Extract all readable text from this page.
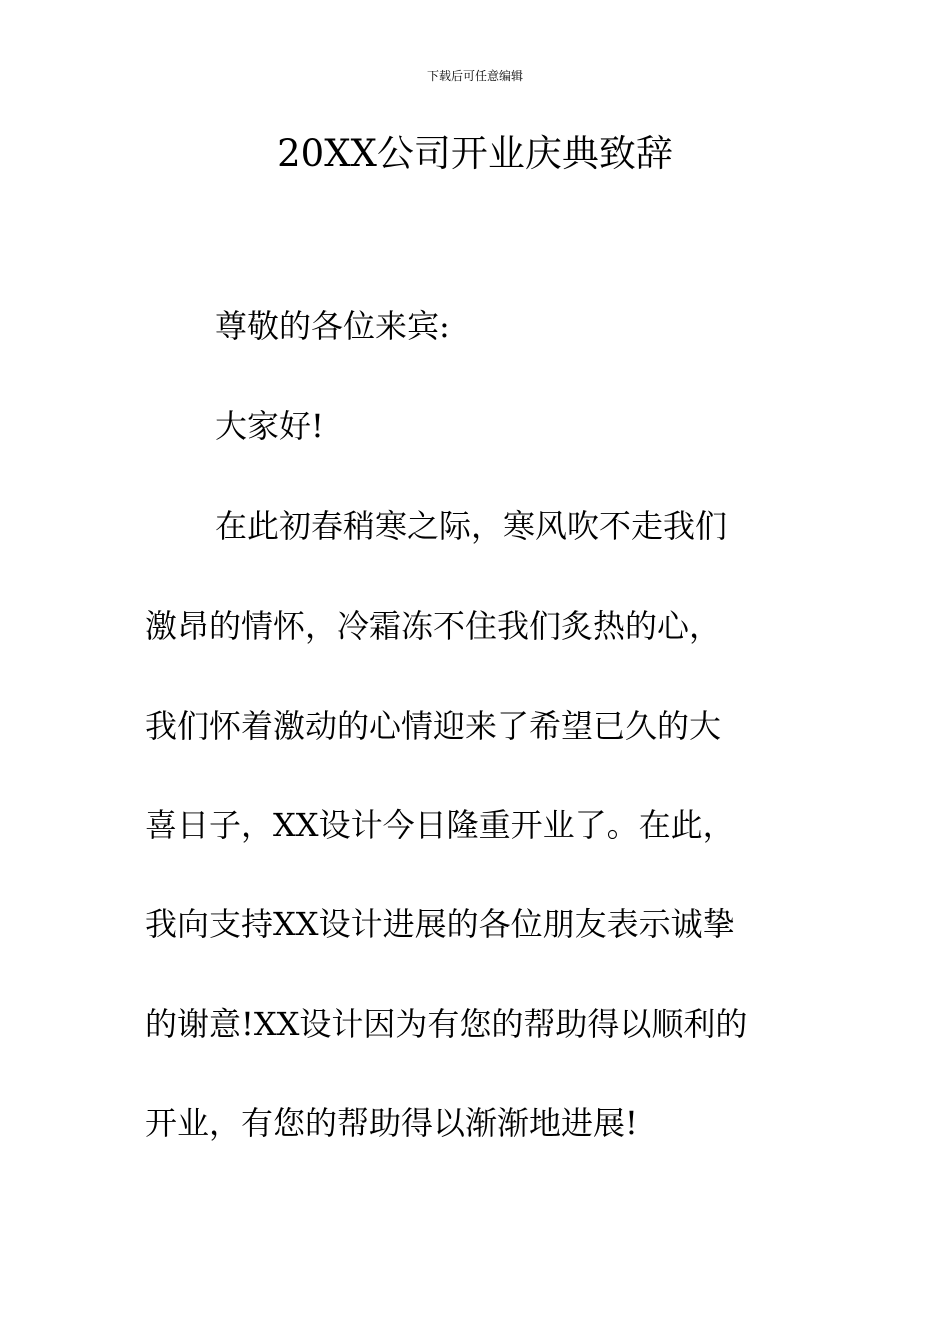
下载后可任意编辑
20XX公司开业庆典致辞
尊敬的各位来宾:
大家好!
在此初春稍寒之际，寒风吹不走我们
激昂的情怀，冷霜冻不住我们炙热的心，
我们怀着激动的心情迎来了希望已久的大
喜日子，XX设计今日隆重开业了。在此，
我向支持XX设计进展的各位朋友表示诚挚
的谢意!XX设计因为有您的帮助得以顺利的
开业，有您的帮助得以渐渐地进展!
